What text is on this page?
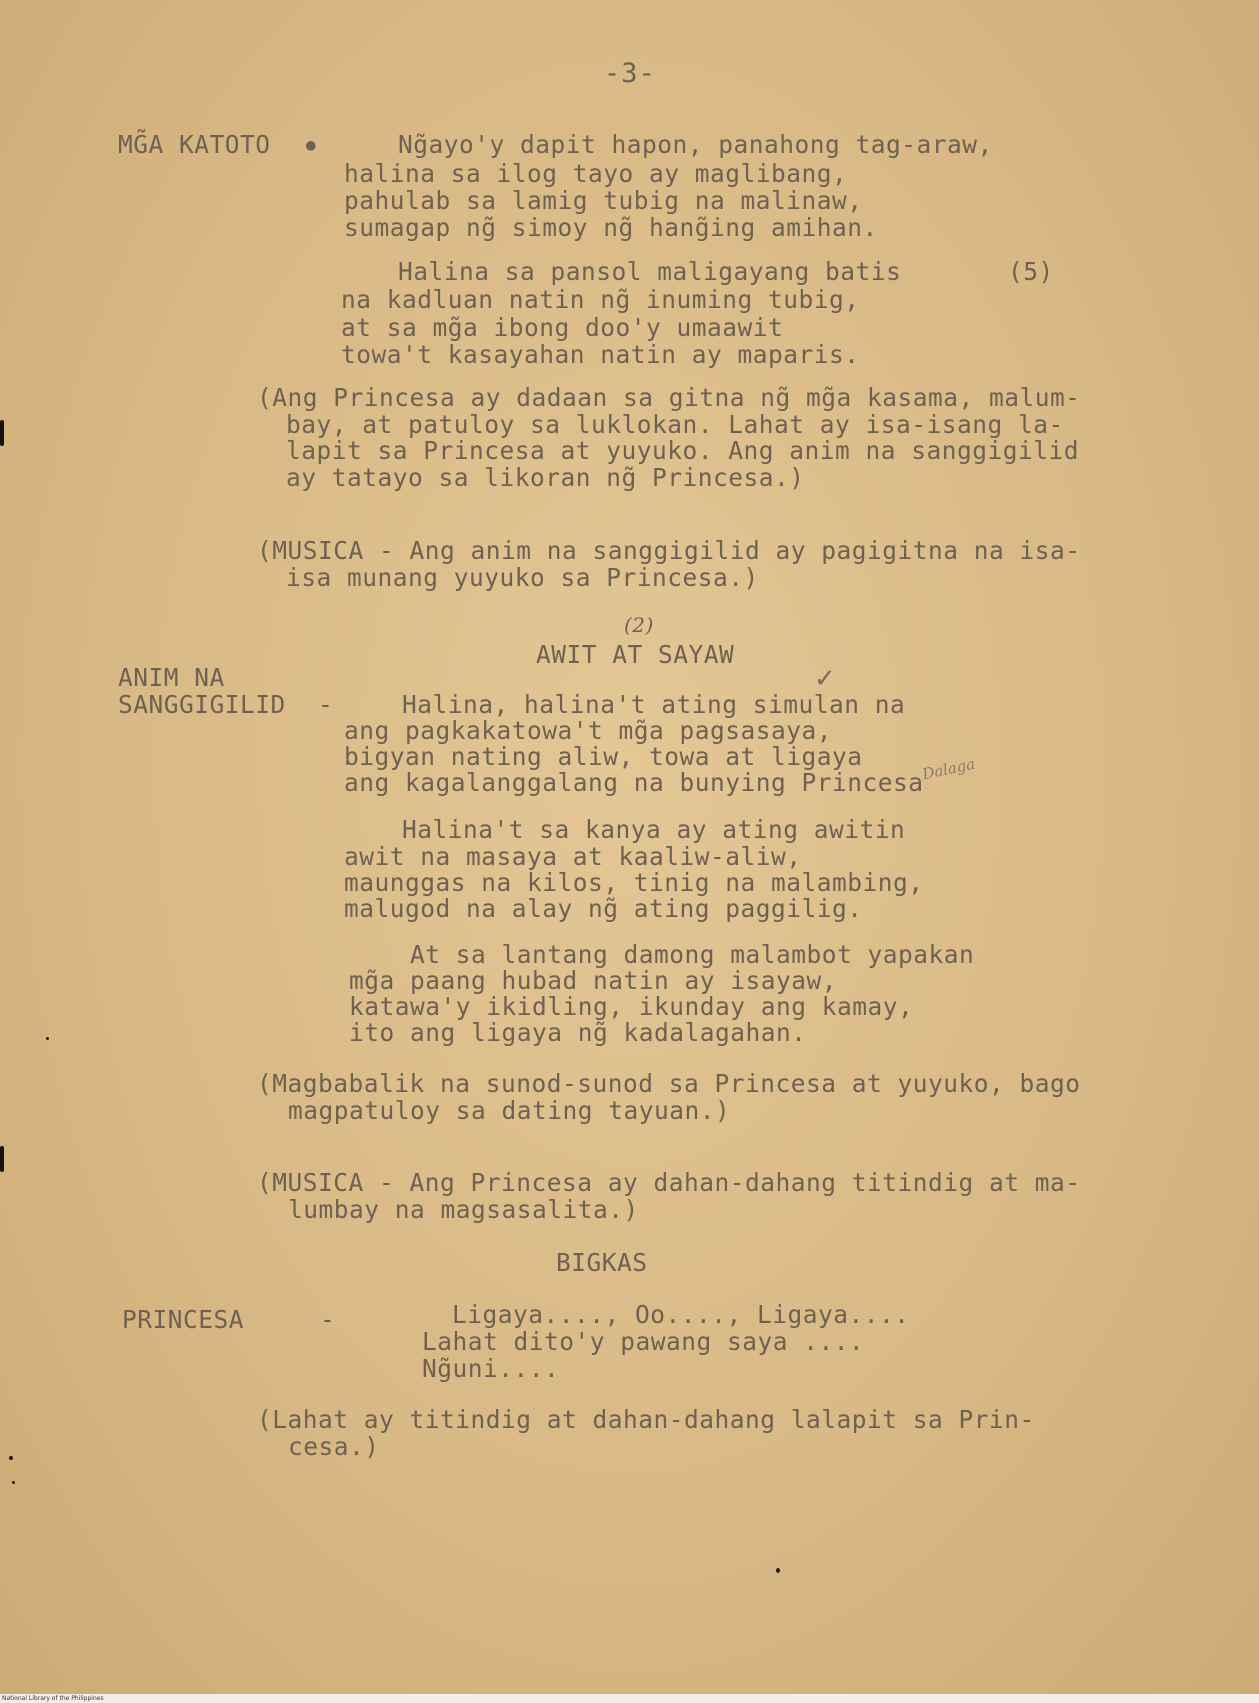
-3-
MG̃A KATOTO ●	Ng̃ayo'y dapit hapon, panahong tag-araw,
halina sa ilog tayo ay maglibang,
pahulab sa lamig tubig na malinaw,
sumagap ng̃ simoy ng̃ hang̃ing amihan.
Halina sa pansol maligayang batis	(5)
na kadluan natin ng̃ inuming tubig,
at sa mg̃a ibong doo'y umaawit
towa't kasayahan natin ay maparis.
(Ang Princesa ay dadaan sa gitna ng̃ mg̃a kasama, malum-
bay, at patuloy sa luklokan. Lahat ay isa-isang la-
lapit sa Princesa at yuyuko. Ang anim na sanggigilid
ay tatayo sa likoran ng̃ Princesa.)
(MUSICA - Ang anim na sanggigilid ay pagigitna na isa-
isa munang yuyuko sa Princesa.)
(2)
AWIT AT SAYAW
✓
ANIM NA
SANGGIGILID -	Halina, halina't ating simulan na
ang pagkakatowa't mg̃a pagsasaya,
bigyan nating aliw, towa at ligaya
ang kagalanggalang na bunying Princesa
Dalaga
Halina't sa kanya ay ating awitin
awit na masaya at kaaliw-aliw,
maunggas na kilos, tinig na malambing,
malugod na alay ng̃ ating paggilig.
At sa lantang damong malambot yapakan
mg̃a paang hubad natin ay isayaw,
katawa'y ikidling, ikunday ang kamay,
ito ang ligaya ng̃ kadalagahan.
(Magbabalik na sunod-sunod sa Princesa at yuyuko, bago
magpatuloy sa dating tayuan.)
(MUSICA - Ang Princesa ay dahan-dahang titindig at ma-
lumbay na magsasalita.)
BIGKAS
PRINCESA	-	Ligaya...., Oo...., Ligaya....
Lahat dito'y pawang saya ....
Ng̃uni....
(Lahat ay titindig at dahan-dahang lalapit sa Prin-
cesa.)
National Library of the Philippines
